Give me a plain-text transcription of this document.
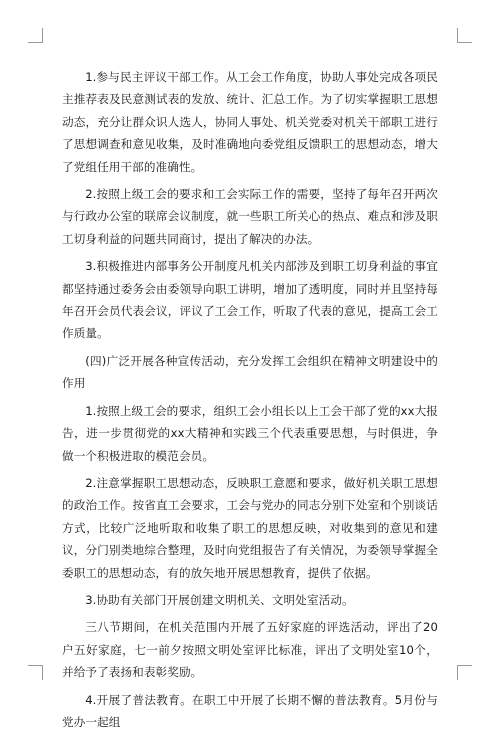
1.参与民主评议干部工作。从工会工作角度，协助人事处完成各项民主推荐表及民意测试表的发放、统计、汇总工作。为了切实掌握职工思想动态，充分让群众识人选人，协同人事处、机关党委对机关干部职工进行了思想调查和意见收集，及时准确地向委党组反馈职工的思想动态，增大了党组任用干部的准确性。

2.按照上级工会的要求和工会实际工作的需要，坚持了每年召开两次与行政办公室的联席会议制度，就一些职工所关心的热点、难点和涉及职工切身利益的问题共同商讨，提出了解决的办法。

3.积极推进内部事务公开制度凡机关内部涉及到职工切身利益的事宜都坚持通过委务会由委领导向职工讲明，增加了透明度，同时并且坚持每年召开会员代表会议，评议了工会工作，听取了代表的意见，提高工会工作质量。

(四)广泛开展各种宣传活动，充分发挥工会组织在精神文明建设中的作用

1.按照上级工会的要求，组织工会小组长以上工会干部了党的xx大报告，进一步贯彻党的xx大精神和实践三个代表重要思想，与时俱进，争做一个积极进取的模范会员。

2.注意掌握职工思想动态，反映职工意愿和要求，做好机关职工思想的政治工作。按省直工会要求，工会与党办的同志分别下处室和个别谈话方式，比较广泛地听取和收集了职工的思想反映，对收集到的意见和建议，分门别类地综合整理，及时向党组报告了有关情况，为委领导掌握全委职工的思想动态，有的放矢地开展思想教育，提供了依据。

3.协助有关部门开展创建文明机关、文明处室活动。

三八节期间，在机关范围内开展了五好家庭的评选活动，评出了20户五好家庭，七一前夕按照文明处室评比标准，评出了文明处室10个，并给予了表扬和表彰奖励。

4.开展了普法教育。在职工中开展了长期不懈的普法教育。5月份与党办一起组
